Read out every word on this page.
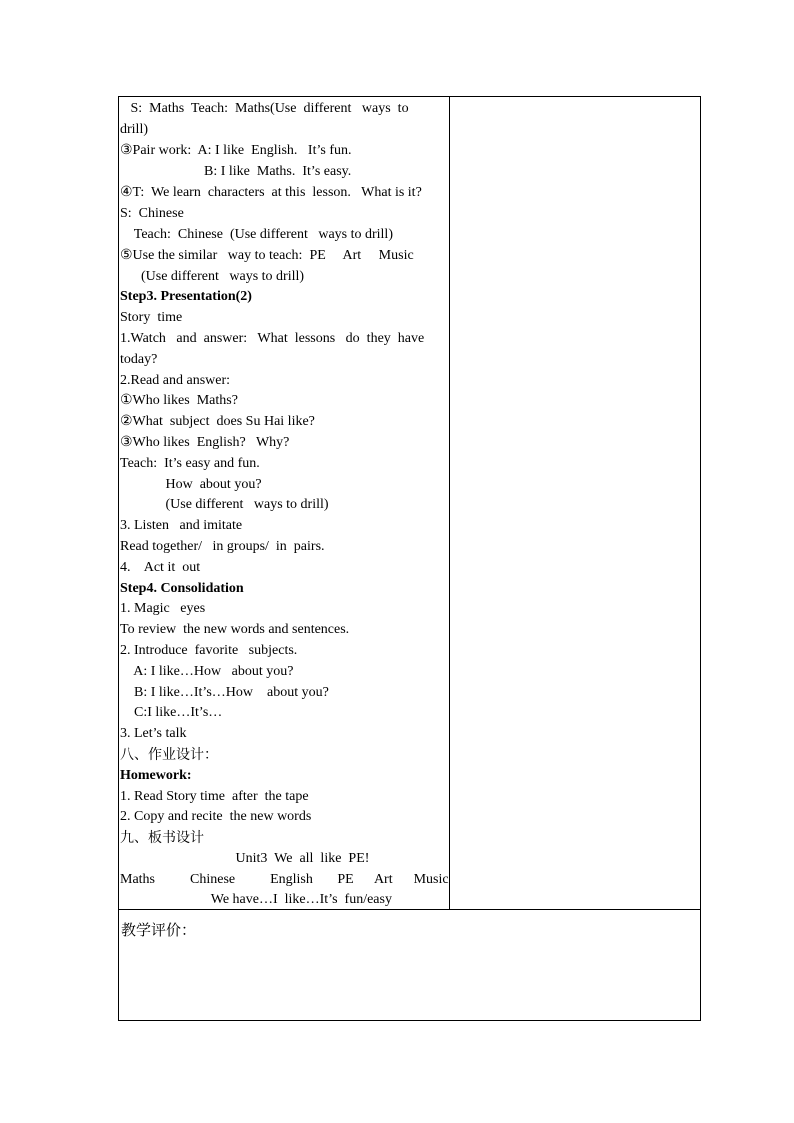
S:  Maths  Teach:  Maths(Use  different   ways  to
drill)
③Pair work:  A: I like  English.   It’s fun.
B: I like  Maths.  It’s easy.
④T:  We learn  characters  at this  lesson.   What is it?
S:  Chinese
Teach:  Chinese  (Use different   ways to drill)
⑤Use the similar   way to teach:  PE     Art     Music
(Use different   ways to drill)
Step3. Presentation(2)
Story  time
1.Watch   and  answer:   What  lessons   do  they  have
today?
2.Read and answer:
①Who likes  Maths?
②What  subject  does Su Hai like?
③Who likes  English?   Why?
Teach:  It’s easy and fun.
How  about you?
(Use different   ways to drill)
3. Listen   and imitate
Read together/   in groups/  in  pairs.
4.    Act it  out
Step4. Consolidation
1. Magic   eyes
To review  the new words and sentences.
2. Introduce  favorite   subjects.
A: I like…How   about you?
B: I like…It’s…How    about you?
C:I like…It’s…
3. Let’s talk
八、作业设计：
Homework:
1. Read Story time  after  the tape
2. Copy and recite  the new words
九、板书设计
Unit3  We  all  like  PE!
Maths          Chinese          English       PE      Art      Music
We have…I  like…It’s  fun/easy
教学评价：
